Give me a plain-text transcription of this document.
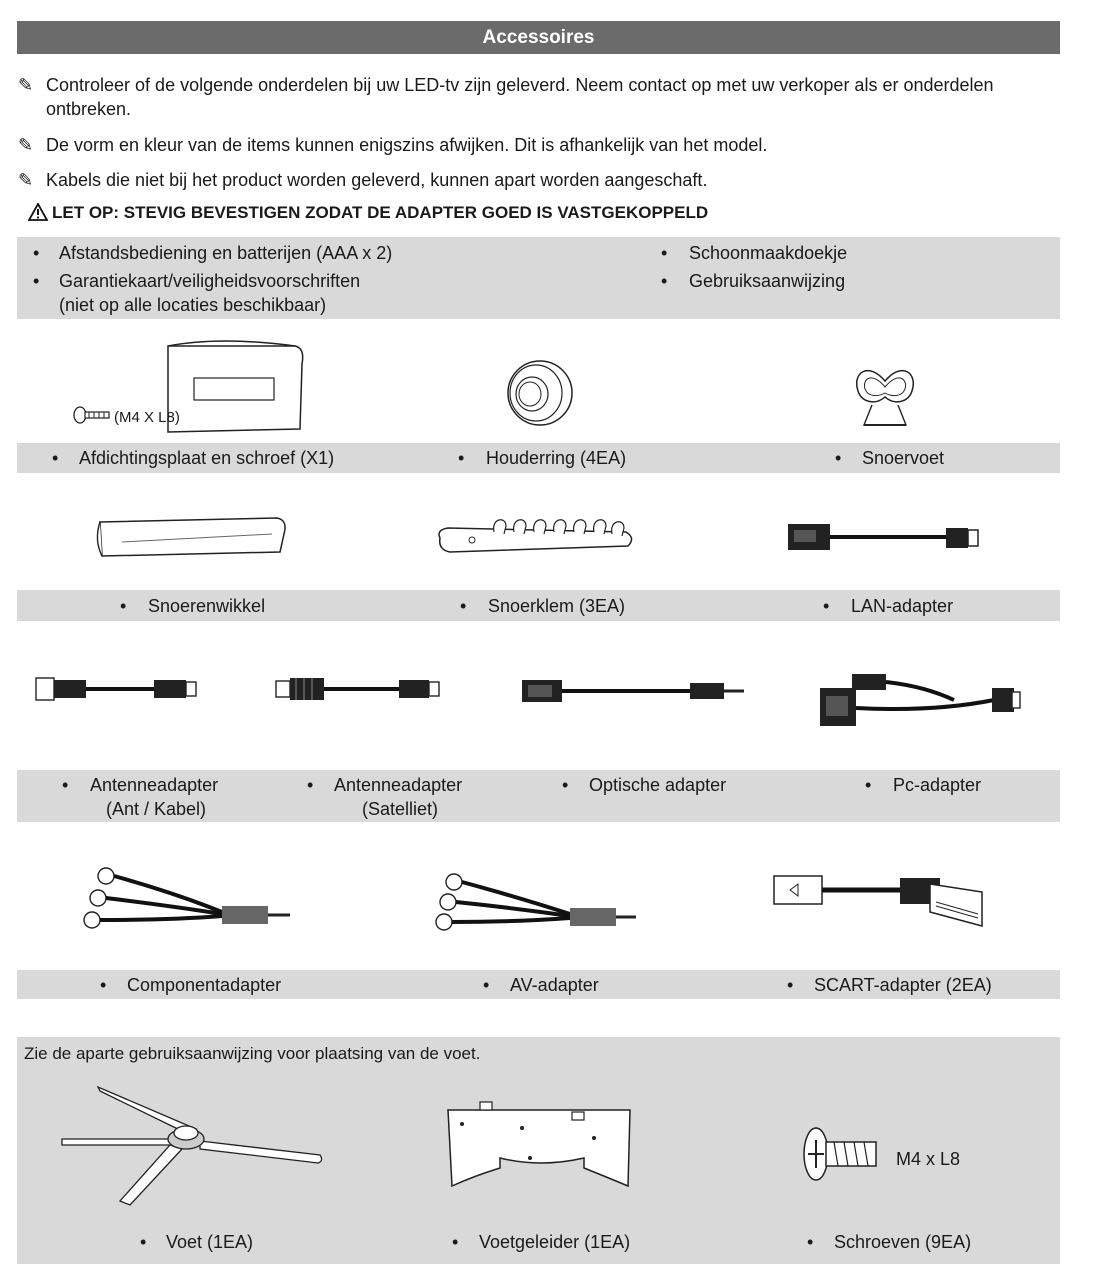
Accessoires
✎ Controleer of de volgende onderdelen bij uw LED-tv zijn geleverd. Neem contact op met uw verkoper als er onderdelen ontbreken.
✎ De vorm en kleur van de items kunnen enigszins afwijken. Dit is afhankelijk van het model.
✎ Kabels die niet bij het product worden geleverd, kunnen apart worden aangeschaft.
LET OP: STEVIG BEVESTIGEN ZODAT DE ADAPTER GOED IS VASTGEKOPPELD
• Afstandsbediening en batterijen (AAA x 2)
• Garantiekaart/veiligheidsvoorschriften
(niet op alle locaties beschikbaar)
• Schoonmaakdoekje
• Gebruiksaanwijzing
(M4 X L8)
• Afdichtingsplaat en schroef (X1)	• Houderring (4EA)	• Snoervoet
• Snoerenwikkel	• Snoerklem (3EA)	• LAN-adapter
• Antenneadapter
(Ant / Kabel)
• Antenneadapter
(Satelliet)
• Optische adapter	• Pc-adapter
• Componentadapter	• AV-adapter	• SCART-adapter (2EA)
Zie de aparte gebruiksaanwijzing voor plaatsing van de voet.
M4 x L8
• Voet (1EA)	• Voetgeleider (1EA)	• Schroeven (9EA)
